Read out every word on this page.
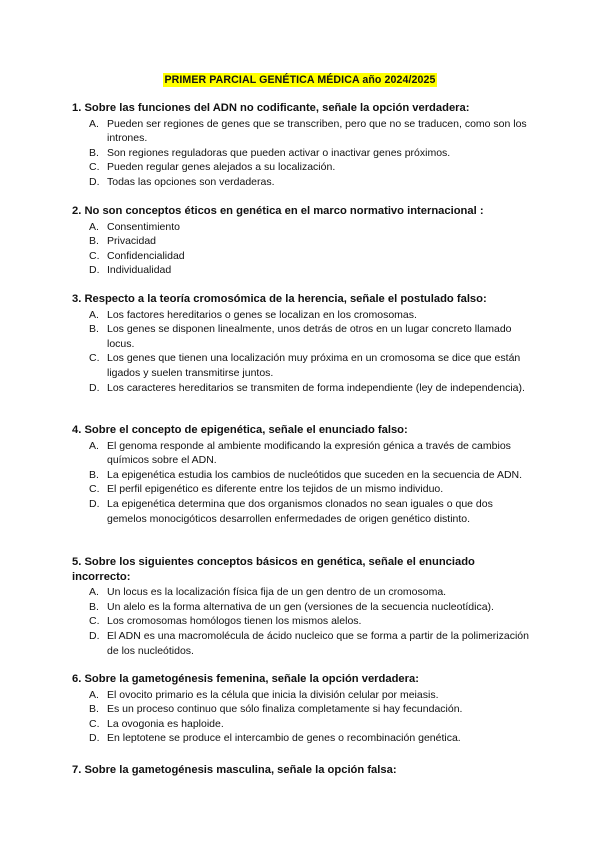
PRIMER PARCIAL GENÉTICA MÉDICA año 2024/2025
1. Sobre las funciones del ADN no codificante, señale la opción verdadera:
A. Pueden ser regiones de genes que se transcriben, pero que no se traducen, como son los intrones.
B. Son regiones reguladoras que pueden activar o inactivar genes próximos.
C. Pueden regular genes alejados a su localización.
D. Todas las opciones son verdaderas.
2. No son conceptos éticos en genética en el marco normativo internacional :
A. Consentimiento
B. Privacidad
C. Confidencialidad
D. Individualidad
3. Respecto a la teoría cromosómica de la herencia, señale el postulado falso:
A. Los factores hereditarios o genes se localizan en los cromosomas.
B. Los genes se disponen linealmente, unos detrás de otros en un lugar concreto llamado locus.
C. Los genes que tienen una localización muy próxima en un cromosoma se dice que están ligados y suelen transmitirse juntos.
D. Los caracteres hereditarios se transmiten de forma independiente (ley de independencia).
4. Sobre el concepto de epigenética, señale el enunciado falso:
A. El genoma responde al ambiente modificando la expresión génica a través de cambios químicos sobre el ADN.
B. La epigenética estudia los cambios de nucleótidos que suceden en la secuencia de ADN.
C. El perfil epigenético es diferente entre los tejidos de un mismo individuo.
D. La epigenética determina que dos organismos clonados no sean iguales o que dos gemelos monocigóticos desarrollen enfermedades de origen genético distinto.
5. Sobre los siguientes conceptos básicos en genética, señale el enunciado incorrecto:
A. Un locus es la localización física fija de un gen dentro de un cromosoma.
B. Un alelo es la forma alternativa de un gen (versiones de la secuencia nucleotídica).
C. Los cromosomas homólogos tienen los mismos alelos.
D. El ADN es una macromolécula de ácido nucleico que se forma a partir de la polimerización de los nucleótidos.
6. Sobre la gametogénesis femenina, señale la opción verdadera:
A. El ovocito primario es la célula que inicia la división celular por meiasis.
B. Es un proceso continuo que sólo finaliza completamente si hay fecundación.
C. La ovogonia es haploide.
D. En leptotene se produce el intercambio de genes o recombinación genética.
7. Sobre la gametogénesis masculina, señale la opción falsa:
